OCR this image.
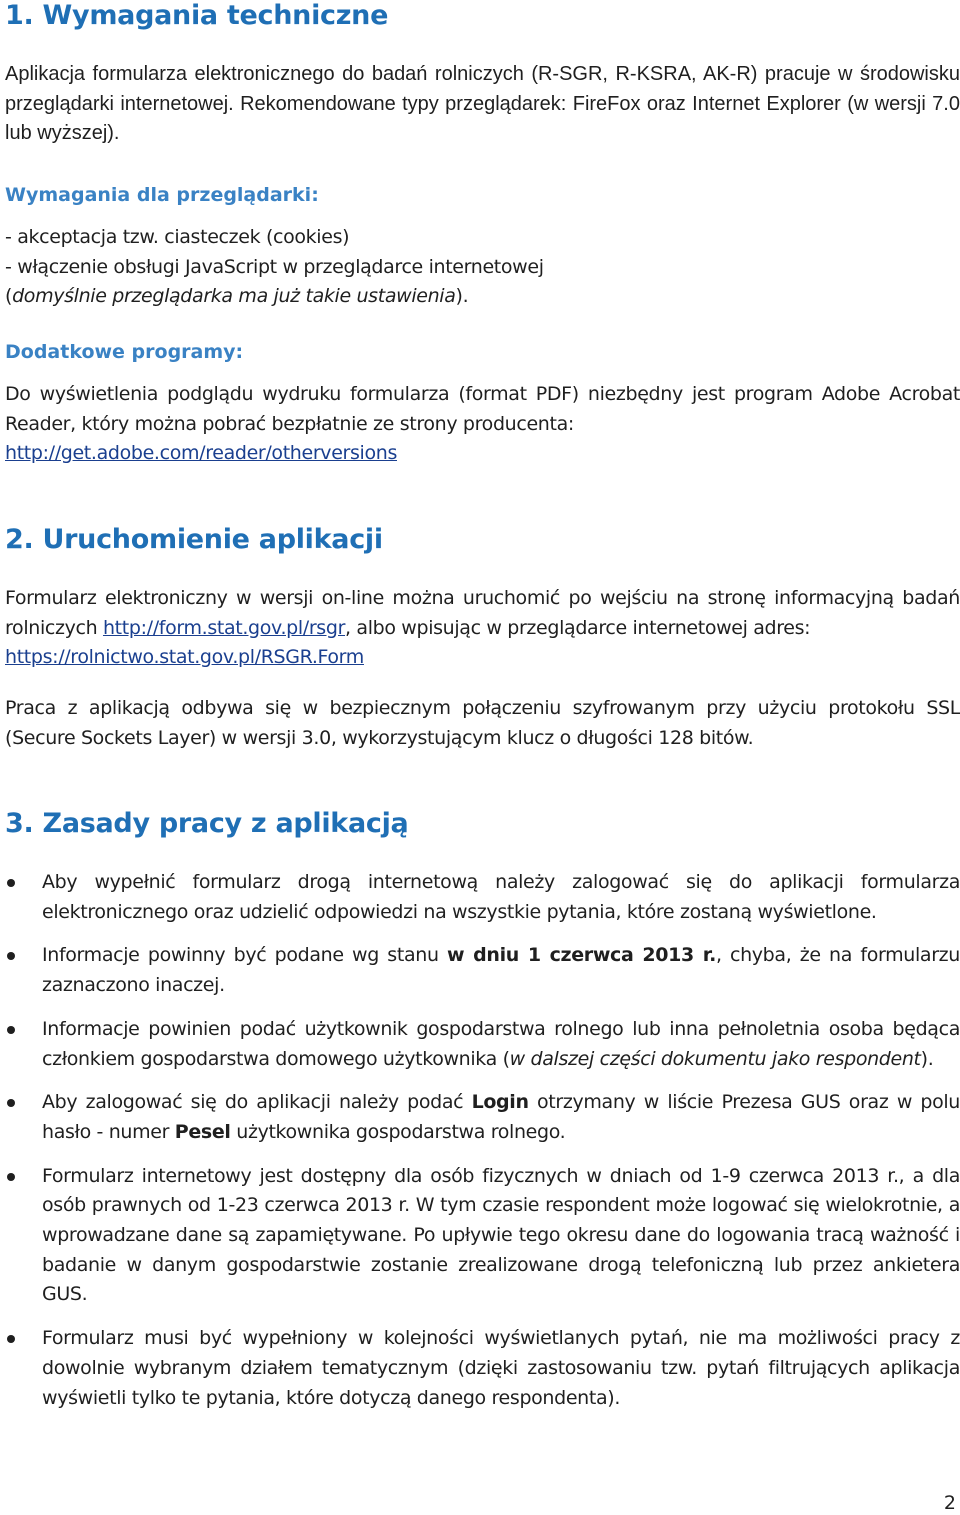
1. Wymagania techniczne

Aplikacja formularza elektronicznego do badań rolniczych (R-SGR, R-KSRA, AK-R) pracuje w środowisku przeglądarki internetowej. Rekomendowane typy przeglądarek: FireFox oraz Internet Explorer (w wersji 7.0 lub wyższej).

Wymagania dla przeglądarki:
- akceptacja tzw. ciasteczek (cookies)
- włączenie obsługi JavaScript w przeglądarce internetowej
(domyślnie przeglądarka ma już takie ustawienia).
Dodatkowe programy:
Do wyświetlenia podglądu wydruku formularza (format PDF) niezbędny jest program Adobe Acrobat Reader, który można pobrać bezpłatnie ze strony producenta:
http://get.adobe.com/reader/otherversions
2. Uruchomienie aplikacji
Formularz elektroniczny w wersji on-line można uruchomić po wejściu na stronę informacyjną badań rolniczych http://form.stat.gov.pl/rsgr, albo wpisując w przeglądarce internetowej adres:
https://rolnictwo.stat.gov.pl/RSGR.Form

Praca z aplikacją odbywa się w bezpiecznym połączeniu szyfrowanym przy użyciu protokołu SSL (Secure Sockets Layer) w wersji 3.0, wykorzystującym klucz o długości 128 bitów.

3. Zasady pracy z aplikacją
Aby wypełnić formularz drogą internetową należy zalogować się do aplikacji formularza elektronicznego oraz udzielić odpowiedzi na wszystkie pytania, które zostaną wyświetlone.
Informacje powinny być podane wg stanu w dniu 1 czerwca 2013 r., chyba, że na formularzu zaznaczono inaczej.
Informacje powinien podać użytkownik gospodarstwa rolnego lub inna pełnoletnia osoba będąca członkiem gospodarstwa domowego użytkownika (w dalszej części dokumentu jako respondent).
Aby zalogować się do aplikacji należy podać Login otrzymany w liście Prezesa GUS oraz w polu hasło - numer Pesel użytkownika gospodarstwa rolnego.
Formularz internetowy jest dostępny dla osób fizycznych w dniach od 1-9 czerwca 2013 r., a dla osób prawnych od 1-23 czerwca 2013 r. W tym czasie respondent może logować się wielokrotnie, a wprowadzane dane są zapamiętywane. Po upływie tego okresu dane do logowania tracą ważność i badanie w danym gospodarstwie zostanie zrealizowane drogą telefoniczną lub przez ankietera GUS.
Formularz musi być wypełniony w kolejności wyświetlanych pytań, nie ma możliwości pracy z dowolnie wybranym działem tematycznym (dzięki zastosowaniu tzw. pytań filtrujących aplikacja wyświetli tylko te pytania, które dotyczą danego respondenta).
2
